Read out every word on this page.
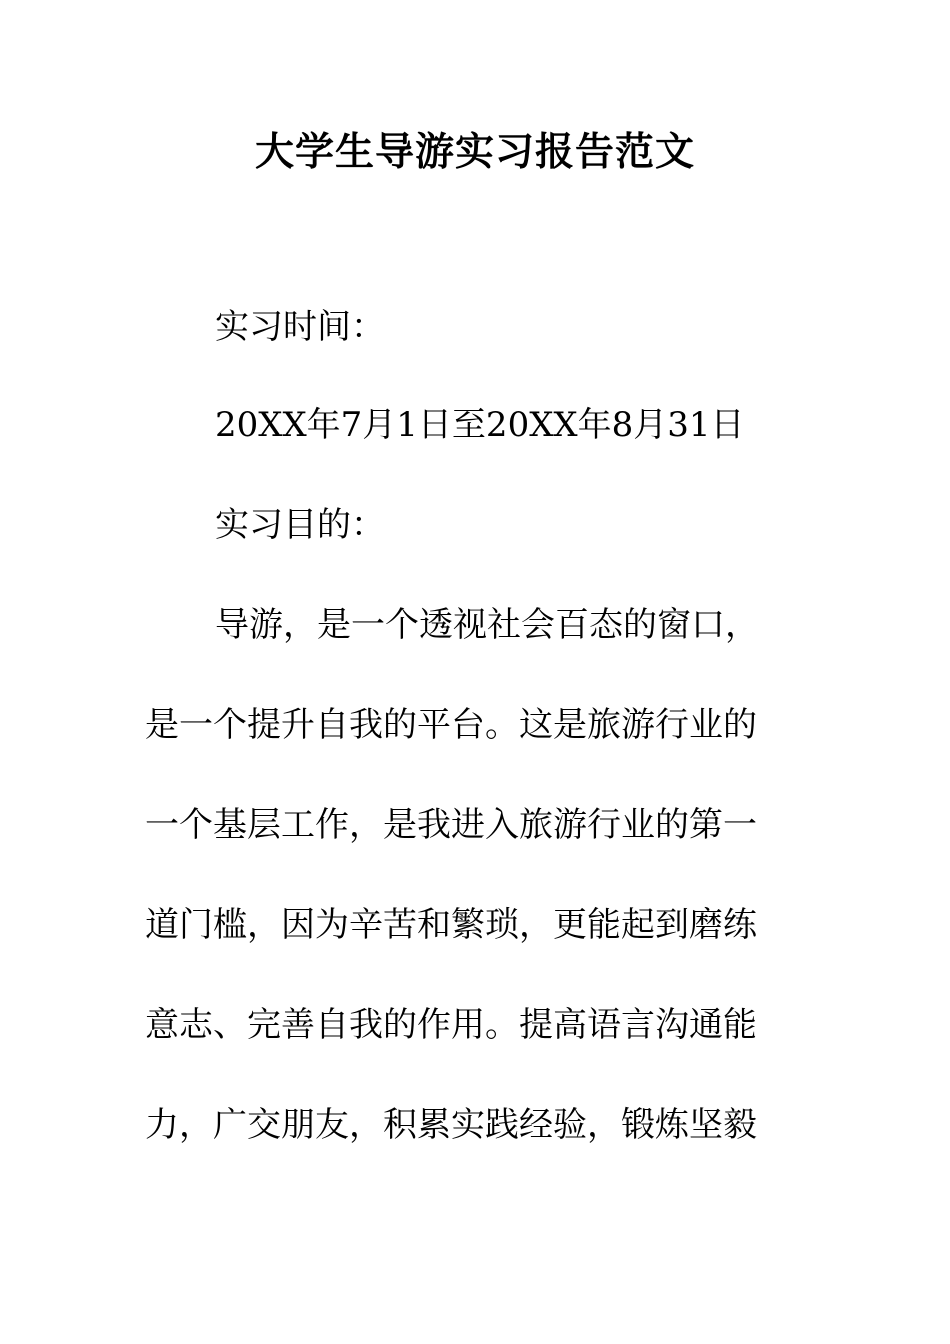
大学生导游实习报告范文
实习时间：
20XX年7月1日至20XX年8月31日
实习目的：
导游，是一个透视社会百态的窗口，
是一个提升自我的平台。这是旅游行业的
一个基层工作，是我进入旅游行业的第一
道门槛，因为辛苦和繁琐，更能起到磨练
意志、完善自我的作用。提高语言沟通能
力，广交朋友，积累实践经验，锻炼坚毅
